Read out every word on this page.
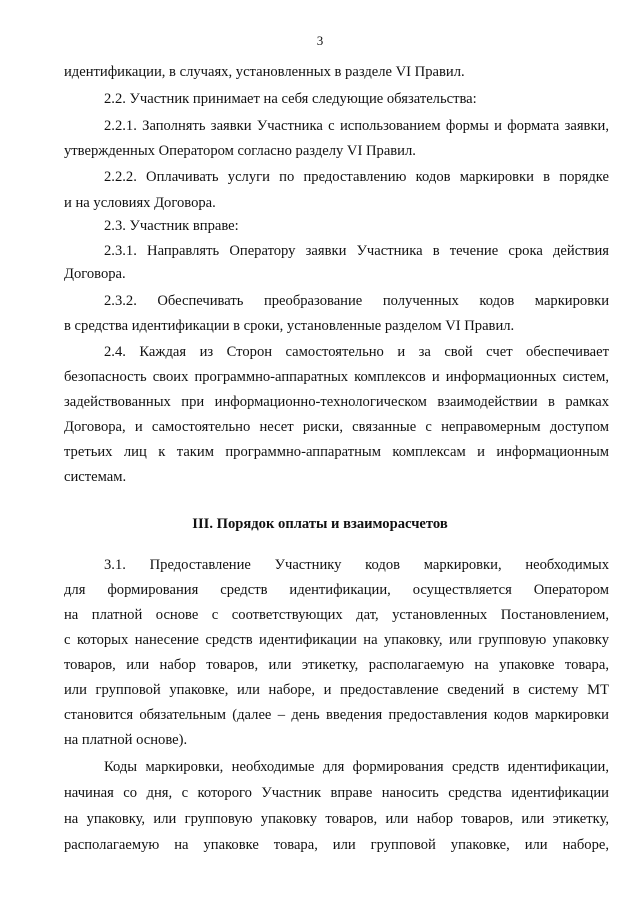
3
идентификации, в случаях, установленных в разделе VI Правил.
2.2. Участник принимает на себя следующие обязательства:
2.2.1. Заполнять заявки Участника с использованием формы и формата заявки,
утвержденных Оператором согласно разделу VI Правил.
2.2.2. Оплачивать услуги по предоставлению кодов маркировки в порядке
и на условиях Договора.
2.3. Участник вправе:
2.3.1. Направлять Оператору заявки Участника в течение срока действия
Договора.
2.3.2. Обеспечивать преобразование полученных кодов маркировки
в средства идентификации в сроки, установленные разделом VI Правил.
2.4. Каждая из Сторон самостоятельно и за свой счет обеспечивает
безопасность своих программно-аппаратных комплексов и информационных систем,
задействованных при информационно-технологическом взаимодействии в рамках
Договора, и самостоятельно несет риски, связанные с неправомерным доступом
третьих лиц к таким программно-аппаратным комплексам и информационным
системам.
III. Порядок оплаты и взаиморасчетов
3.1. Предоставление Участнику кодов маркировки, необходимых
для формирования средств идентификации, осуществляется Оператором
на платной основе с соответствующих дат, установленных Постановлением,
с которых нанесение средств идентификации на упаковку, или групповую упаковку
товаров, или набор товаров, или этикетку, располагаемую на упаковке товара,
или групповой упаковке, или наборе, и предоставление сведений в систему МТ
становится обязательным (далее – день введения предоставления кодов маркировки
на платной основе).
Коды маркировки, необходимые для формирования средств идентификации,
начиная со дня, с которого Участник вправе наносить средства идентификации
на упаковку, или групповую упаковку товаров, или набор товаров, или этикетку,
располагаемую на упаковке товара, или групповой упаковке, или наборе,
